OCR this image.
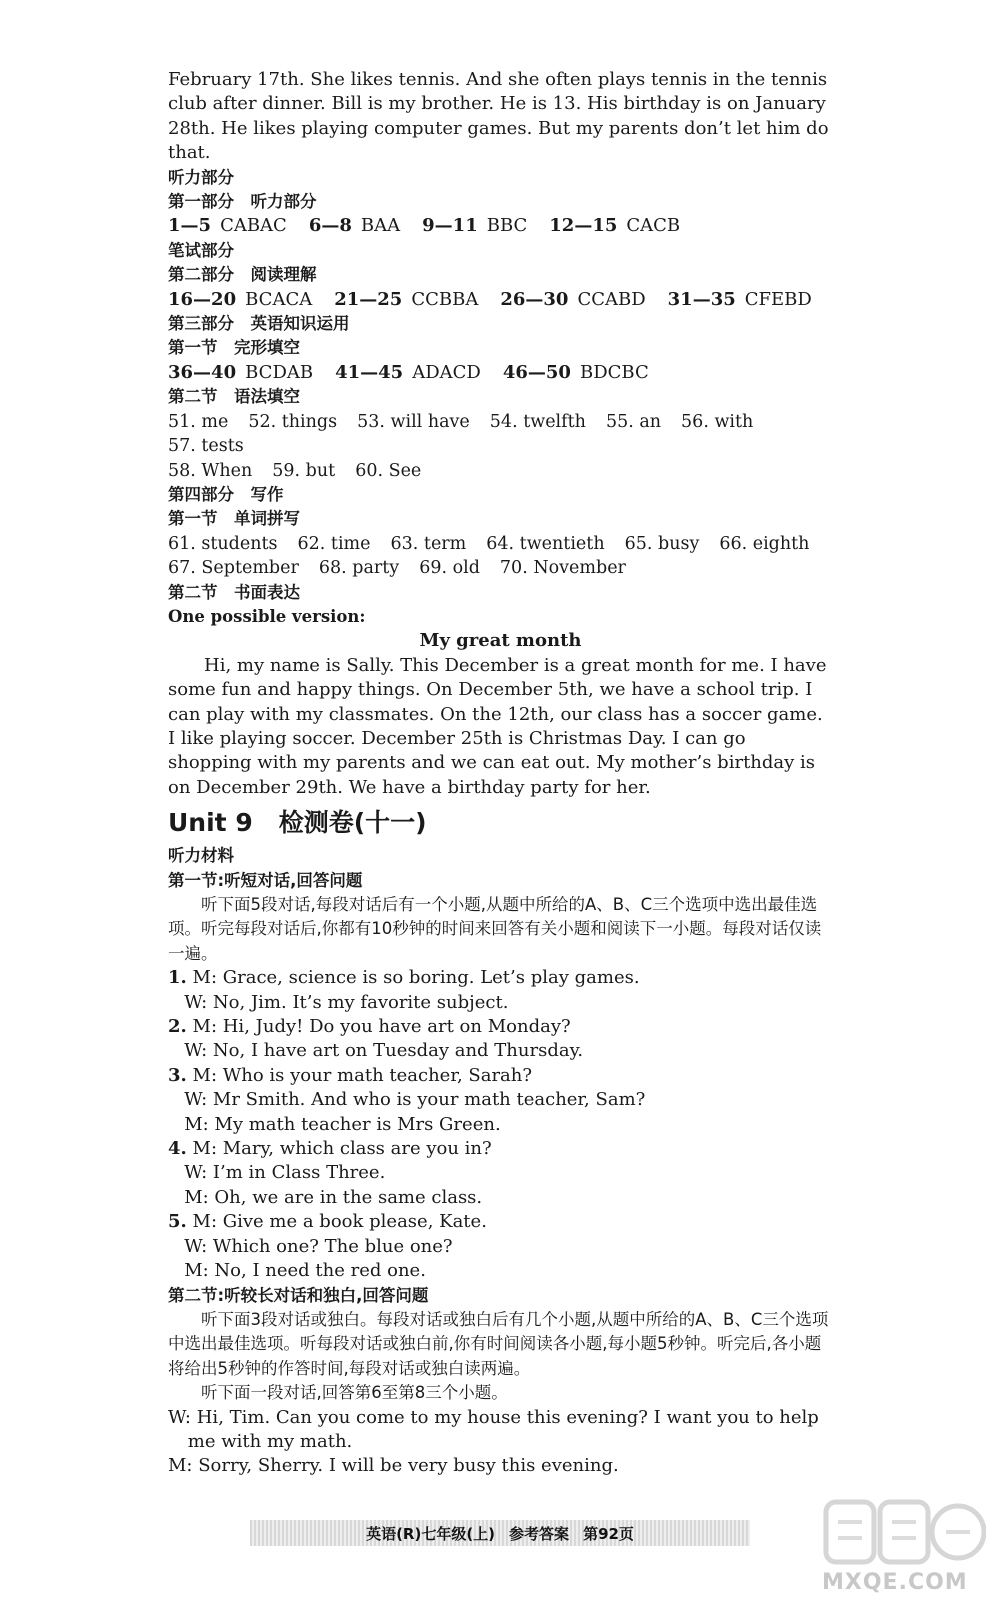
February 17th. She likes tennis. And she often plays tennis in the tennis club after dinner. Bill is my brother. He is 13. His birthday is on January 28th. He likes playing computer games. But my parents don’t let him do that.

听力部分

第一部分　听力部分

1—5 CABAC 6—8 BAA 9—11 BBC 12—15 CACB

笔试部分

第二部分　阅读理解

16—20 BCACA 21—25 CCBBA 26—30 CCABD 31—35 CFEBD

第三部分　英语知识运用

第一节　完形填空

36—40 BCDAB 41—45 ADACD 46—50 BDCBC

第二节　语法填空

51. me 52. things 53. will have 54. twelfth 55. an 56. with
57. tests

58. When 59. but 60. See

第四部分　写作

第一节　单词拼写

61. students 62. time 63. term 64. twentieth 65. busy 66. eighth

67. September 68. party 69. old 70. November

第二节　书面表达

One possible version:

My great month

Hi, my name is Sally. This December is a great month for me. I have some fun and happy things. On December 5th, we have a school trip. I can play with my classmates. On the 12th, our class has a soccer game. I like playing soccer. December 25th is Christmas Day. I can go shopping with my parents and we can eat out. My mother’s birthday is on December 29th. We have a birthday party for her.

Unit 9 检测卷(十一)

听力材料

第一节:听短对话,回答问题

听下面5段对话,每段对话后有一个小题,从题中所给的A、B、C三个选项中选出最佳选项。听完每段对话后,你都有10秒钟的时间来回答有关小题和阅读下一小题。每段对话仅读一遍。

1. M: Grace, science is so boring. Let’s play games.

W: No, Jim. It’s my favorite subject.

2. M: Hi, Judy! Do you have art on Monday?

W: No, I have art on Tuesday and Thursday.

3. M: Who is your math teacher, Sarah?

W: Mr Smith. And who is your math teacher, Sam?

M: My math teacher is Mrs Green.

4. M: Mary, which class are you in?

W: I’m in Class Three.

M: Oh, we are in the same class.

5. M: Give me a book please, Kate.

W: Which one? The blue one?

M: No, I need the red one.

第二节:听较长对话和独白,回答问题

听下面3段对话或独白。每段对话或独白后有几个小题,从题中所给的A、B、C三个选项中选出最佳选项。听每段对话或独白前,你有时间阅读各小题,每小题5秒钟。听完后,各小题将给出5秒钟的作答时间,每段对话或独白读两遍。

听下面一段对话,回答第6至第8三个小题。

W: Hi, Tim. Can you come to my house this evening? I want you to help me with my math.

M: Sorry, Sherry. I will be very busy this evening.

英语(R)七年级(上) 参考答案 第92页
MXQE.COM
